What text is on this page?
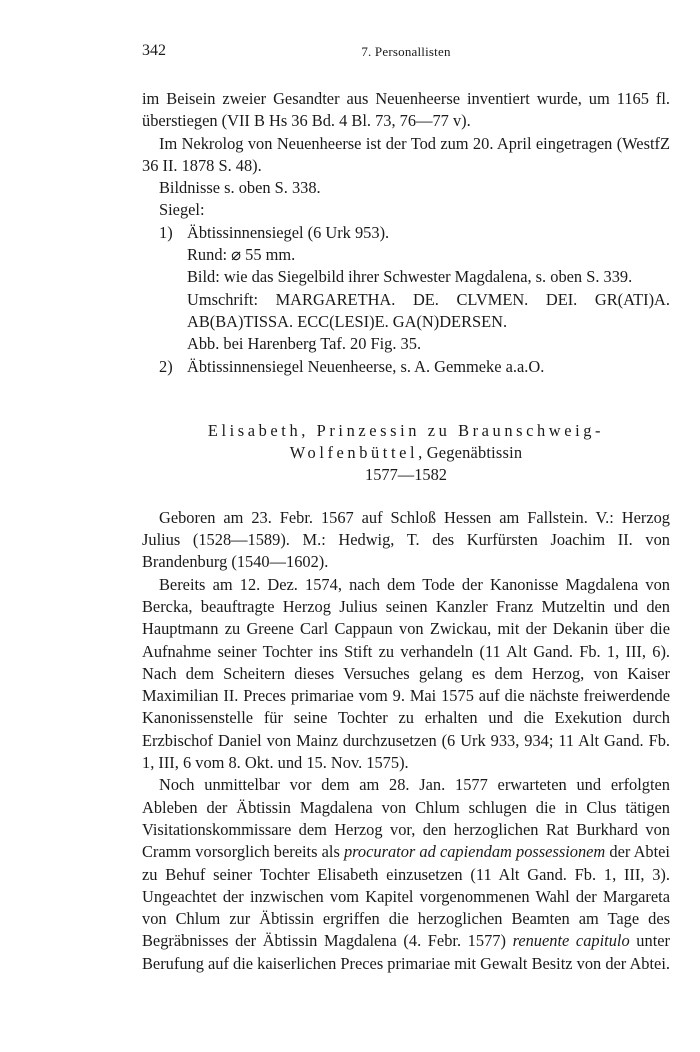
342	7. Personallisten

im Beisein zweier Gesandter aus Neuenheerse inventiert wurde, um 1165 fl. überstiegen (VII B Hs 36 Bd. 4 Bl. 73, 76—77 v).

Im Nekrolog von Neuenheerse ist der Tod zum 20. April eingetragen (WestfZ 36 II. 1878 S. 48).

Bildnisse s. oben S. 338.

Siegel:

1) Äbtissinnensiegel (6 Urk 953).

Rund: ⌀ 55 mm.

Bild: wie das Siegelbild ihrer Schwester Magdalena, s. oben S. 339.

Umschrift: MARGARETHA. DE. CLVMEN. DEI. GR(ATI)A. AB(BA)TISSA. ECC(LESI)E. GA(N)DERSEN.

Abb. bei Harenberg Taf. 20 Fig. 35.

2) Äbtissinnensiegel Neuenheerse, s. A. Gemmeke a.a.O.
Elisabeth, Prinzessin zu Braunschweig-
Wolfenbüttel, Gegenäbtissin
1577—1582

Geboren am 23. Febr. 1567 auf Schloß Hessen am Fallstein. V.: Herzog Julius (1528—1589). M.: Hedwig, T. des Kurfürsten Joachim II. von Brandenburg (1540—1602).

Bereits am 12. Dez. 1574, nach dem Tode der Kanonisse Magdalena von Bercka, beauftragte Herzog Julius seinen Kanzler Franz Mutzeltin und den Hauptmann zu Greene Carl Cappaun von Zwickau, mit der Dekanin über die Aufnahme seiner Tochter ins Stift zu verhandeln (11 Alt Gand. Fb. 1, III, 6). Nach dem Scheitern dieses Versuches gelang es dem Herzog, von Kaiser Maximilian II. Preces primariae vom 9. Mai 1575 auf die nächste freiwerdende Kanonissenstelle für seine Tochter zu erhalten und die Exekution durch Erzbischof Daniel von Mainz durchzusetzen (6 Urk 933, 934; 11 Alt Gand. Fb. 1, III, 6 vom 8. Okt. und 15. Nov. 1575).

Noch unmittelbar vor dem am 28. Jan. 1577 erwarteten und erfolgten Ableben der Äbtissin Magdalena von Chlum schlugen die in Clus tätigen Visitationskommissare dem Herzog vor, den herzoglichen Rat Burkhard von Cramm vorsorglich bereits als procurator ad capiendam possessionem der Abtei zu Behuf seiner Tochter Elisabeth einzusetzen (11 Alt Gand. Fb. 1, III, 3). Ungeachtet der inzwischen vom Kapitel vorgenommenen Wahl der Margareta von Chlum zur Äbtissin ergriffen die herzoglichen Beamten am Tage des Begräbnisses der Äbtissin Magdalena (4. Febr. 1577) renuente capitulo unter Berufung auf die kaiserlichen Preces primariae mit Gewalt Besitz von der Abtei.
